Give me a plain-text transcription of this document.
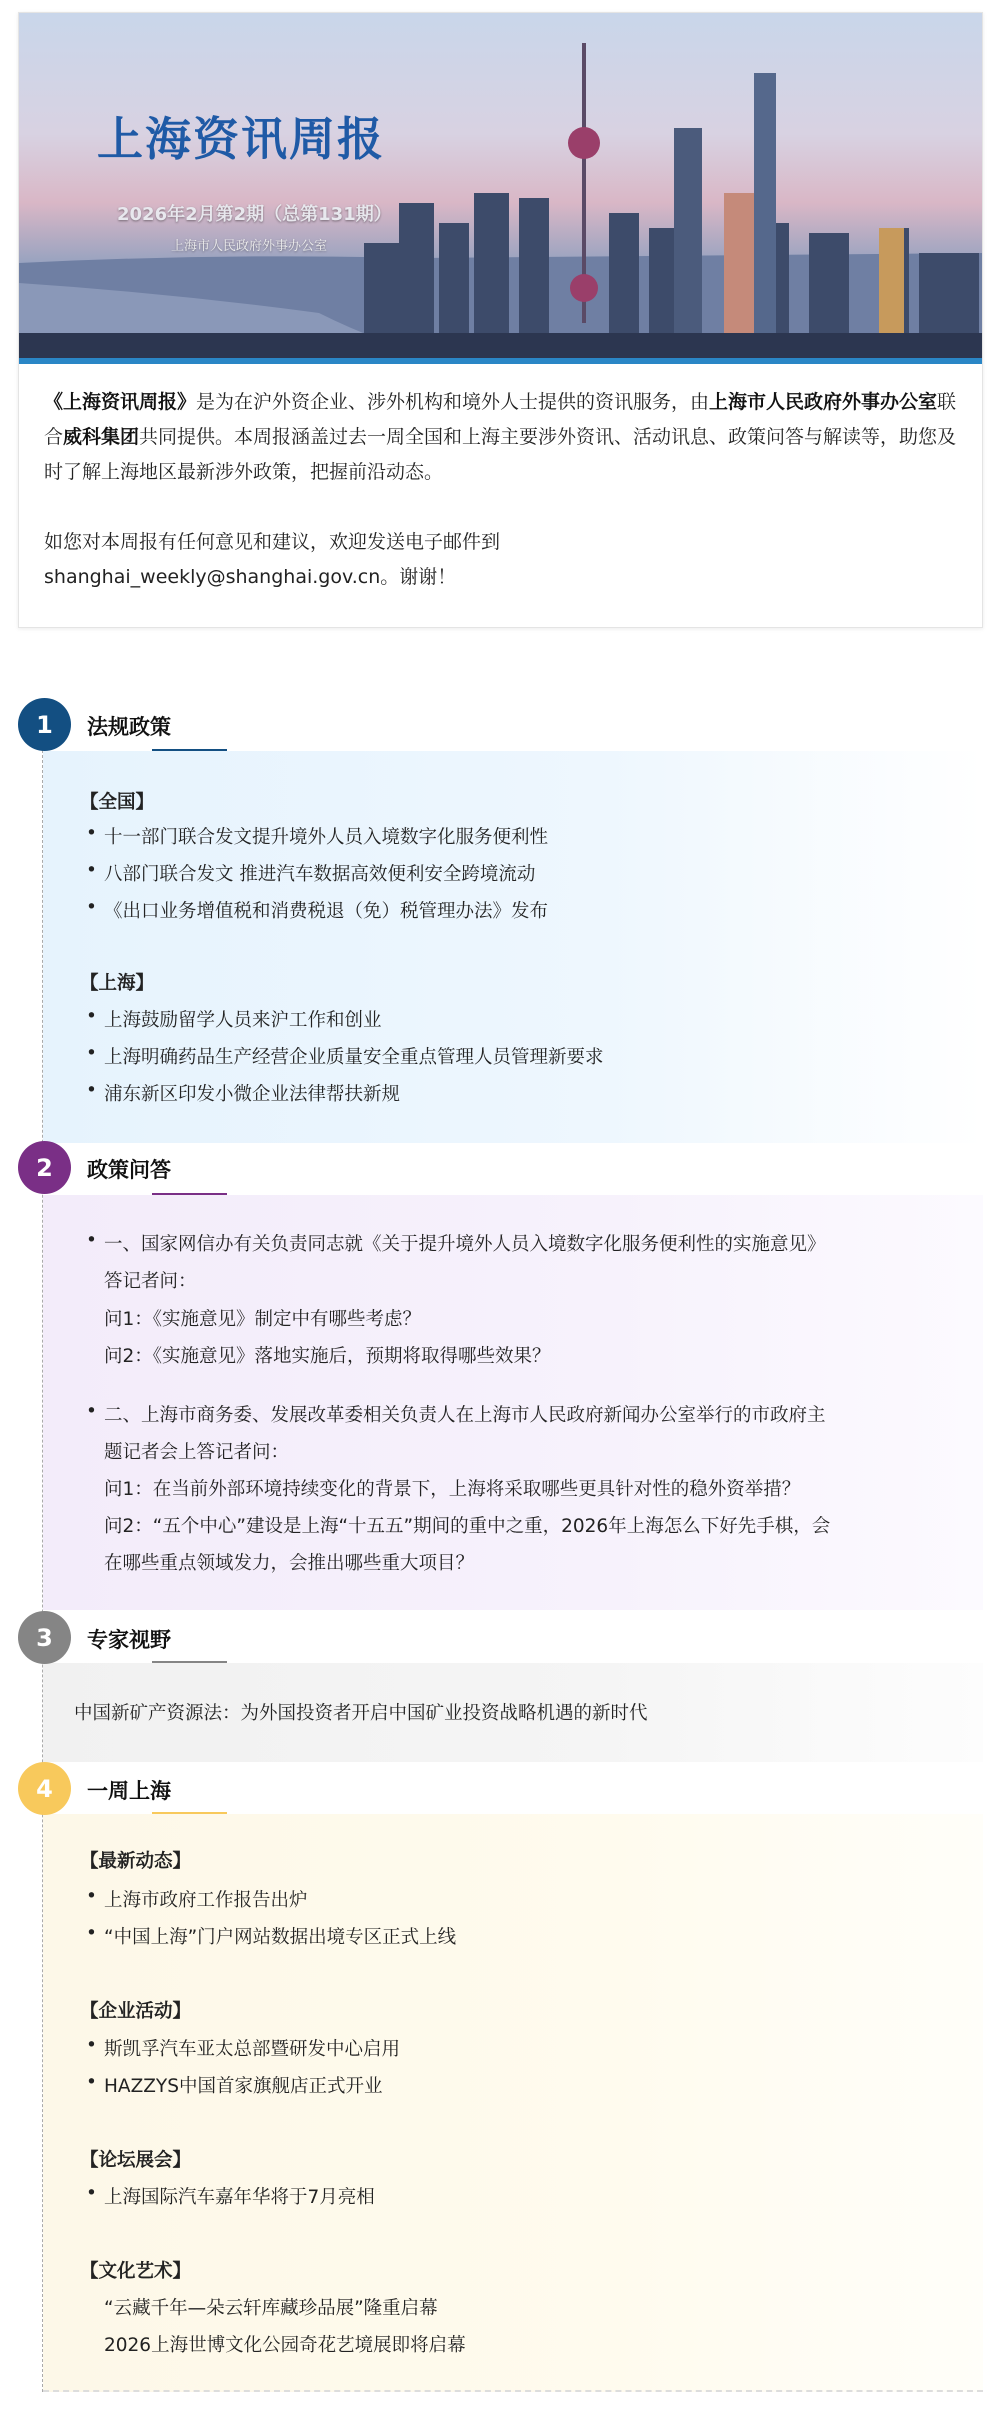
上海资讯周报
2026年2月第2期（总第131期）
上海市人民政府外事办公室

《上海资讯周报》是为在沪外资企业、涉外机构和境外人士提供的资讯服务，由上海市人民政府外事办公室联合威科集团共同提供。本周报涵盖过去一周全国和上海主要涉外资讯、活动讯息、政策问答与解读等，助您及时了解上海地区最新涉外政策，把握前沿动态。

如您对本周报有任何意见和建议，欢迎发送电子邮件到
shanghai_weekly@shanghai.gov.cn。谢谢！

1	法规政策
【全国】
• 十一部门联合发文提升境外人员入境数字化服务便利性
• 八部门联合发文 推进汽车数据高效便利安全跨境流动
• 《出口业务增值税和消费税退（免）税管理办法》发布
【上海】
• 上海鼓励留学人员来沪工作和创业
• 上海明确药品生产经营企业质量安全重点管理人员管理新要求
• 浦东新区印发小微企业法律帮扶新规
2	政策问答
• 一、国家网信办有关负责同志就《关于提升境外人员入境数字化服务便利性的实施意见》
答记者问：
问1：《实施意见》制定中有哪些考虑？
问2：《实施意见》落地实施后，预期将取得哪些效果？
• 二、上海市商务委、发展改革委相关负责人在上海市人民政府新闻办公室举行的市政府主
题记者会上答记者问：
问1：在当前外部环境持续变化的背景下，上海将采取哪些更具针对性的稳外资举措？
问2：“五个中心”建设是上海“十五五”期间的重中之重，2026年上海怎么下好先手棋，会
在哪些重点领域发力，会推出哪些重大项目？
3	专家视野
中国新矿产资源法：为外国投资者开启中国矿业投资战略机遇的新时代
4	一周上海
【最新动态】
• 上海市政府工作报告出炉
• “中国上海”门户网站数据出境专区正式上线
【企业活动】
• 斯凯孚汽车亚太总部暨研发中心启用
• HAZZYS中国首家旗舰店正式开业
【论坛展会】
• 上海国际汽车嘉年华将于7月亮相
【文化艺术】
“云藏千年—朵云轩库藏珍品展”隆重启幕
2026上海世博文化公园奇花艺境展即将启幕
